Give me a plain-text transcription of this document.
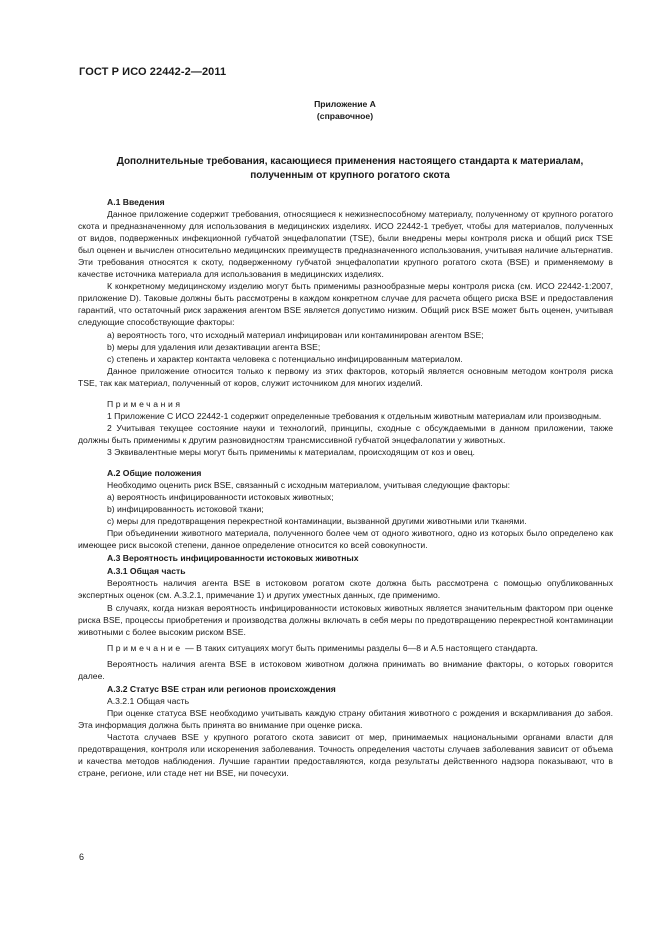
ГОСТ Р ИСО 22442-2—2011
Приложение А
(справочное)
Дополнительные требования, касающиеся применения настоящего стандарта к материалам,
полученным от крупного рогатого скота

А.1 Введения

Данное приложение содержит требования, относящиеся к нежизнеспособному материалу, полученному от крупного рогатого скота и предназначенному для использования в медицинских изделиях. ИСО 22442-1 требует, чтобы для материалов, полученных от видов, подверженных инфекционной губчатой энцефалопатии (TSE), были внедрены меры контроля риска и общий риск TSE был оценен и вычислен относительно медицинских преимуществ предназначенного использования, учитывая наличие альтернатив. Эти требования относятся к скоту, подверженному губчатой энцефалопатии крупного рогатого скота (BSE) и применяемому в качестве источника материала для использования в медицинских изделиях.

К конкретному медицинскому изделию могут быть применимы разнообразные меры контроля риска (см. ИСО 22442-1:2007, приложение D). Таковые должны быть рассмотрены в каждом конкретном случае для расчета общего риска BSE и предоставления гарантий, что остаточный риск заражения агентом BSE является допустимо низким. Общий риск BSE может быть оценен, учитывая следующие способствующие факторы:

a) вероятность того, что исходный материал инфицирован или контаминирован агентом BSE;

b) меры для удаления или дезактивации агента BSE;

c) степень и характер контакта человека с потенциально инфицированным материалом.

Данное приложение относится только к первому из этих факторов, который является основным методом контроля риска TSE, так как материал, полученный от коров, служит источником для многих изделий.

Примечания

1 Приложение С ИСО 22442-1 содержит определенные требования к отдельным животным материалам или производным.

2 Учитывая текущее состояние науки и технологий, принципы, сходные с обсуждаемыми в данном приложении, также должны быть применимы к другим разновидностям трансмиссивной губчатой энцефалопатии у животных.

3 Эквивалентные меры могут быть применимы к материалам, происходящим от коз и овец.

А.2 Общие положения

Необходимо оценить риск BSE, связанный с исходным материалом, учитывая следующие факторы:

a) вероятность инфицированности истоковых животных;

b) инфицированность истоковой ткани;

c) меры для предотвращения перекрестной контаминации, вызванной другими животными или тканями.

При объединении животного материала, полученного более чем от одного животного, одно из которых было определено как имеющее риск высокой степени, данное определение относится ко всей совокупности.

А.3 Вероятность инфицированности истоковых животных

А.3.1 Общая часть

Вероятность наличия агента BSE в истоковом рогатом скоте должна быть рассмотрена с помощью опубликованных экспертных оценок (см. А.3.2.1, примечание 1) и других уместных данных, где применимо.

В случаях, когда низкая вероятность инфицированности истоковых животных является значительным фактором при оценке риска BSE, процессы приобретения и производства должны включать в себя меры по предотвращению перекрестной контаминации животными с более высоким риском BSE.

Примечание — В таких ситуациях могут быть применимы разделы 6—8 и А.5 настоящего стандарта.

Вероятность наличия агента BSE в истоковом животном должна принимать во внимание факторы, о которых говорится далее.

А.3.2 Статус BSE стран или регионов происхождения

А.3.2.1 Общая часть

При оценке статуса BSE необходимо учитывать каждую страну обитания животного с рождения и вскармливания до забоя. Эта информация должна быть принята во внимание при оценке риска.

Частота случаев BSE у крупного рогатого скота зависит от мер, принимаемых национальными органами власти для предотвращения, контроля или искоренения заболевания. Точность определения частоты случаев заболевания зависит от объема и качества методов наблюдения. Лучшие гарантии предоставляются, когда результаты действенного надзора показывают, что в стране, регионе, или стаде нет ни BSE, ни почесухи.

6
